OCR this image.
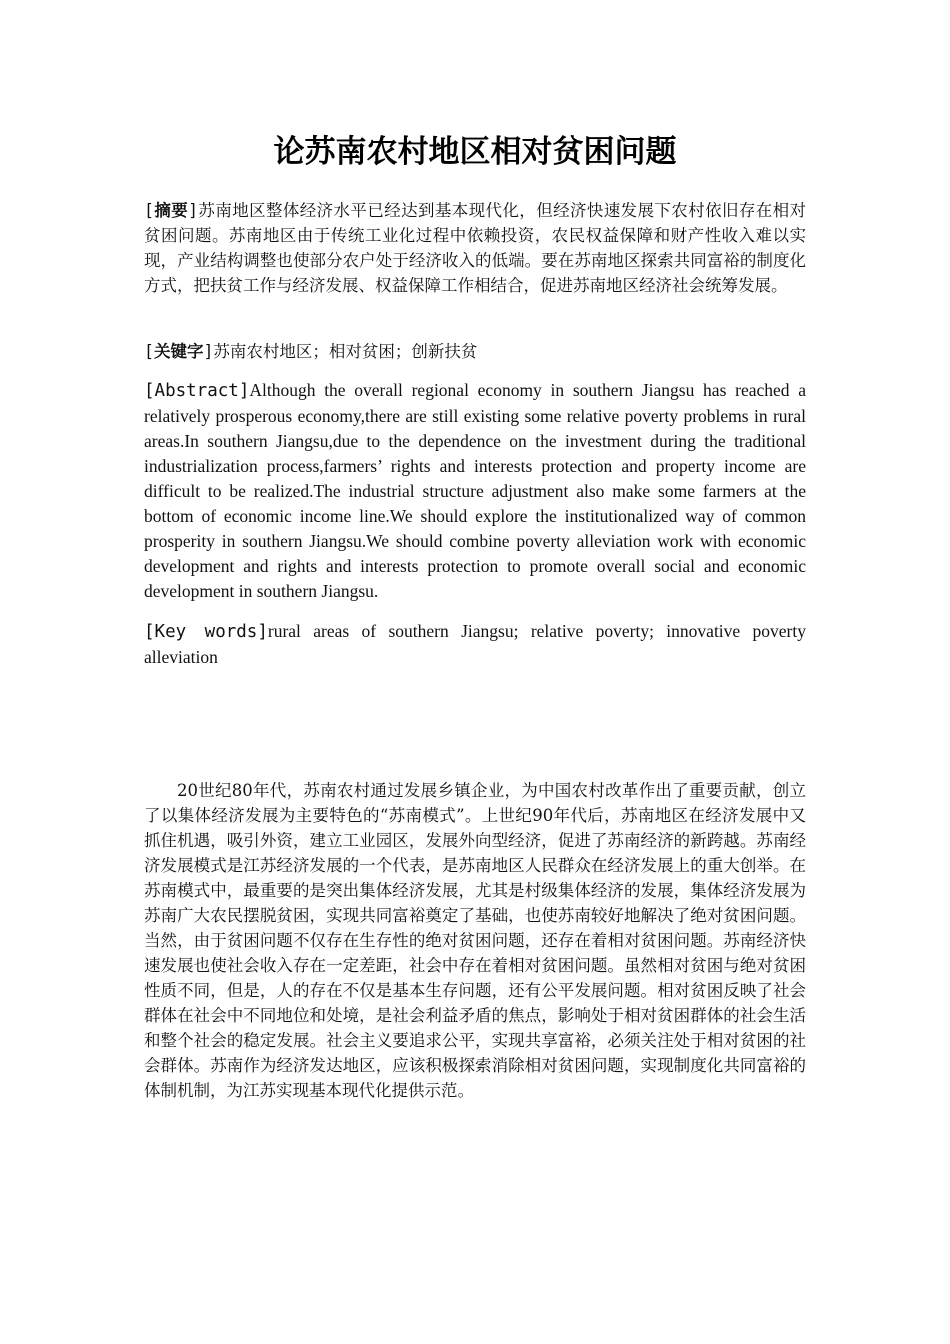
论苏南农村地区相对贫困问题

[摘要]苏南地区整体经济水平已经达到基本现代化，但经济快速发展下农村依旧存在相对贫困问题。苏南地区由于传统工业化过程中依赖投资，农民权益保障和财产性收入难以实现，产业结构调整也使部分农户处于经济收入的低端。要在苏南地区探索共同富裕的制度化方式，把扶贫工作与经济发展、权益保障工作相结合，促进苏南地区经济社会统筹发展。

[关键字]苏南农村地区；相对贫困；创新扶贫

[Abstract]Although the overall regional economy in southern Jiangsu has reached a relatively prosperous economy,there are still existing some relative poverty problems in rural areas.In southern Jiangsu,due to the dependence on the investment during the traditional industrialization process,farmers’ rights and interests protection and property income are difficult to be realized.The industrial structure adjustment also make some farmers at the bottom of economic income line.We should explore the institutionalized way of common prosperity in southern Jiangsu.We should combine poverty alleviation work with economic development and rights and interests protection to promote overall social and economic development in southern Jiangsu.

[Key words]rural areas of southern Jiangsu; relative poverty; innovative poverty alleviation

20世纪80年代，苏南农村通过发展乡镇企业，为中国农村改革作出了重要贡献，创立了以集体经济发展为主要特色的“苏南模式”。上世纪90年代后，苏南地区在经济发展中又抓住机遇，吸引外资，建立工业园区，发展外向型经济，促进了苏南经济的新跨越。苏南经济发展模式是江苏经济发展的一个代表，是苏南地区人民群众在经济发展上的重大创举。在苏南模式中，最重要的是突出集体经济发展，尤其是村级集体经济的发展，集体经济发展为苏南广大农民摆脱贫困，实现共同富裕奠定了基础，也使苏南较好地解决了绝对贫困问题。当然，由于贫困问题不仅存在生存性的绝对贫困问题，还存在着相对贫困问题。苏南经济快速发展也使社会收入存在一定差距，社会中存在着相对贫困问题。虽然相对贫困与绝对贫困性质不同，但是，人的存在不仅是基本生存问题，还有公平发展问题。相对贫困反映了社会群体在社会中不同地位和处境，是社会利益矛盾的焦点，影响处于相对贫困群体的社会生活和整个社会的稳定发展。社会主义要追求公平，实现共享富裕，必须关注处于相对贫困的社会群体。苏南作为经济发达地区，应该积极探索消除相对贫困问题，实现制度化共同富裕的体制机制，为江苏实现基本现代化提供示范。
